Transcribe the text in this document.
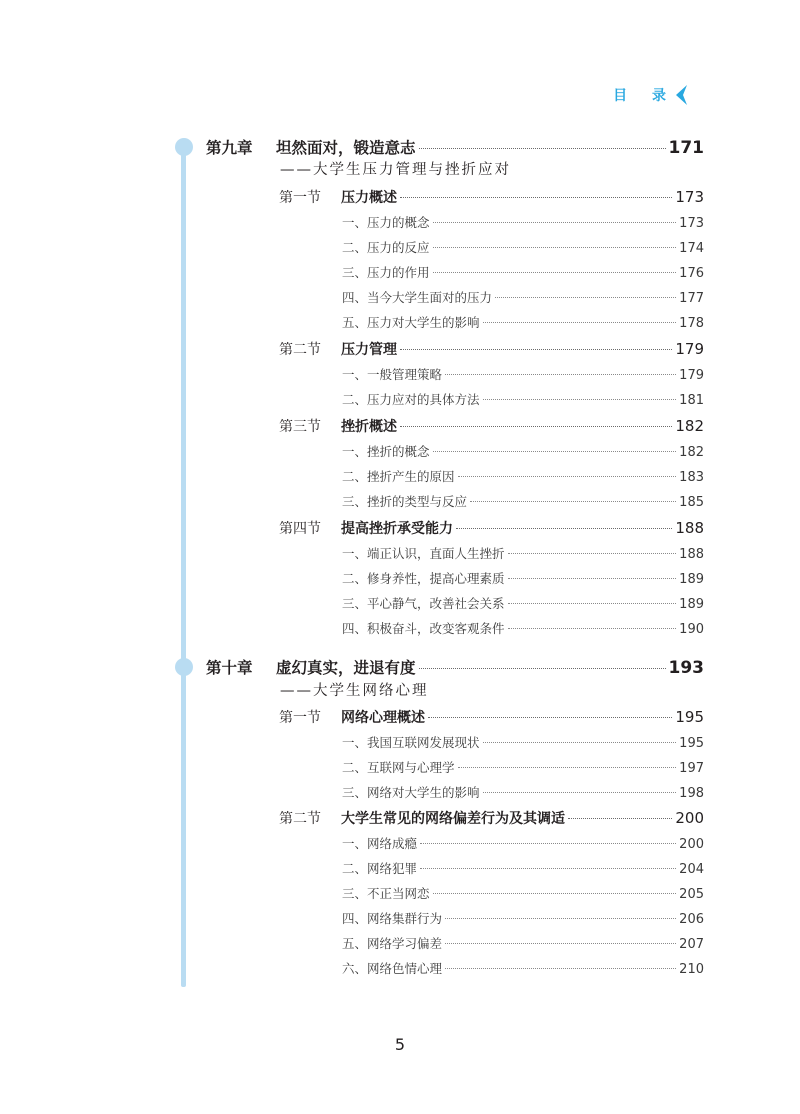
目 录
第九章	坦然面对，锻造意志	171
——大学生压力管理与挫折应对
第一节	压力概述	173
一、压力的概念	173
二、压力的反应	174
三、压力的作用	176
四、当今大学生面对的压力	177
五、压力对大学生的影响	178
第二节	压力管理	179
一、一般管理策略	179
二、压力应对的具体方法	181
第三节	挫折概述	182
一、挫折的概念	182
二、挫折产生的原因	183
三、挫折的类型与反应	185
第四节	提高挫折承受能力	188
一、端正认识，直面人生挫折	188
二、修身养性，提高心理素质	189
三、平心静气，改善社会关系	189
四、积极奋斗，改变客观条件	190
第十章	虚幻真实，进退有度	193
——大学生网络心理
第一节	网络心理概述	195
一、我国互联网发展现状	195
二、互联网与心理学	197
三、网络对大学生的影响	198
第二节	大学生常见的网络偏差行为及其调适	200
一、网络成瘾	200
二、网络犯罪	204
三、不正当网恋	205
四、网络集群行为	206
五、网络学习偏差	207
六、网络色情心理	210
5
